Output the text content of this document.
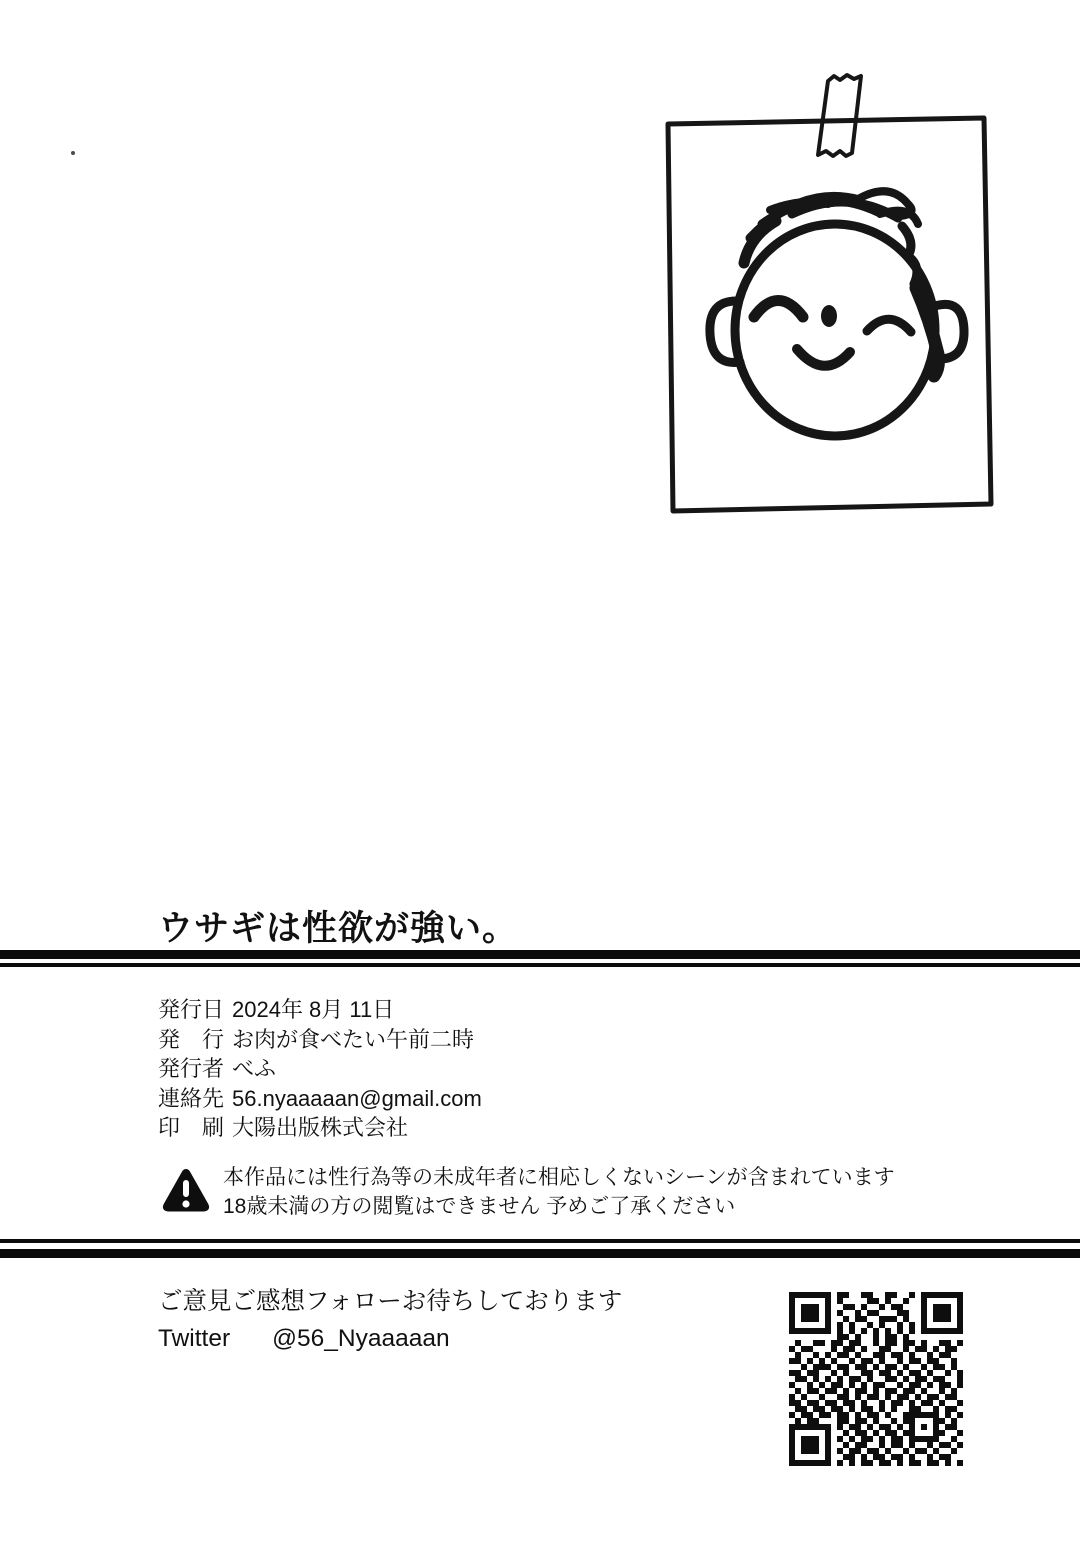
ウサギは性欲が強い。
発行日 2024年 8月 11日
発　行 お肉が食べたい午前二時
発行者 べふ
連絡先 56.nyaaaaan@gmail.com
印　刷 大陽出版株式会社
本作品には性行為等の未成年者に相応しくないシーンが含まれています
18歳未満の方の閲覧はできません 予めご了承ください
ご意見ご感想フォローお待ちしております
Twitter @56_Nyaaaaan
